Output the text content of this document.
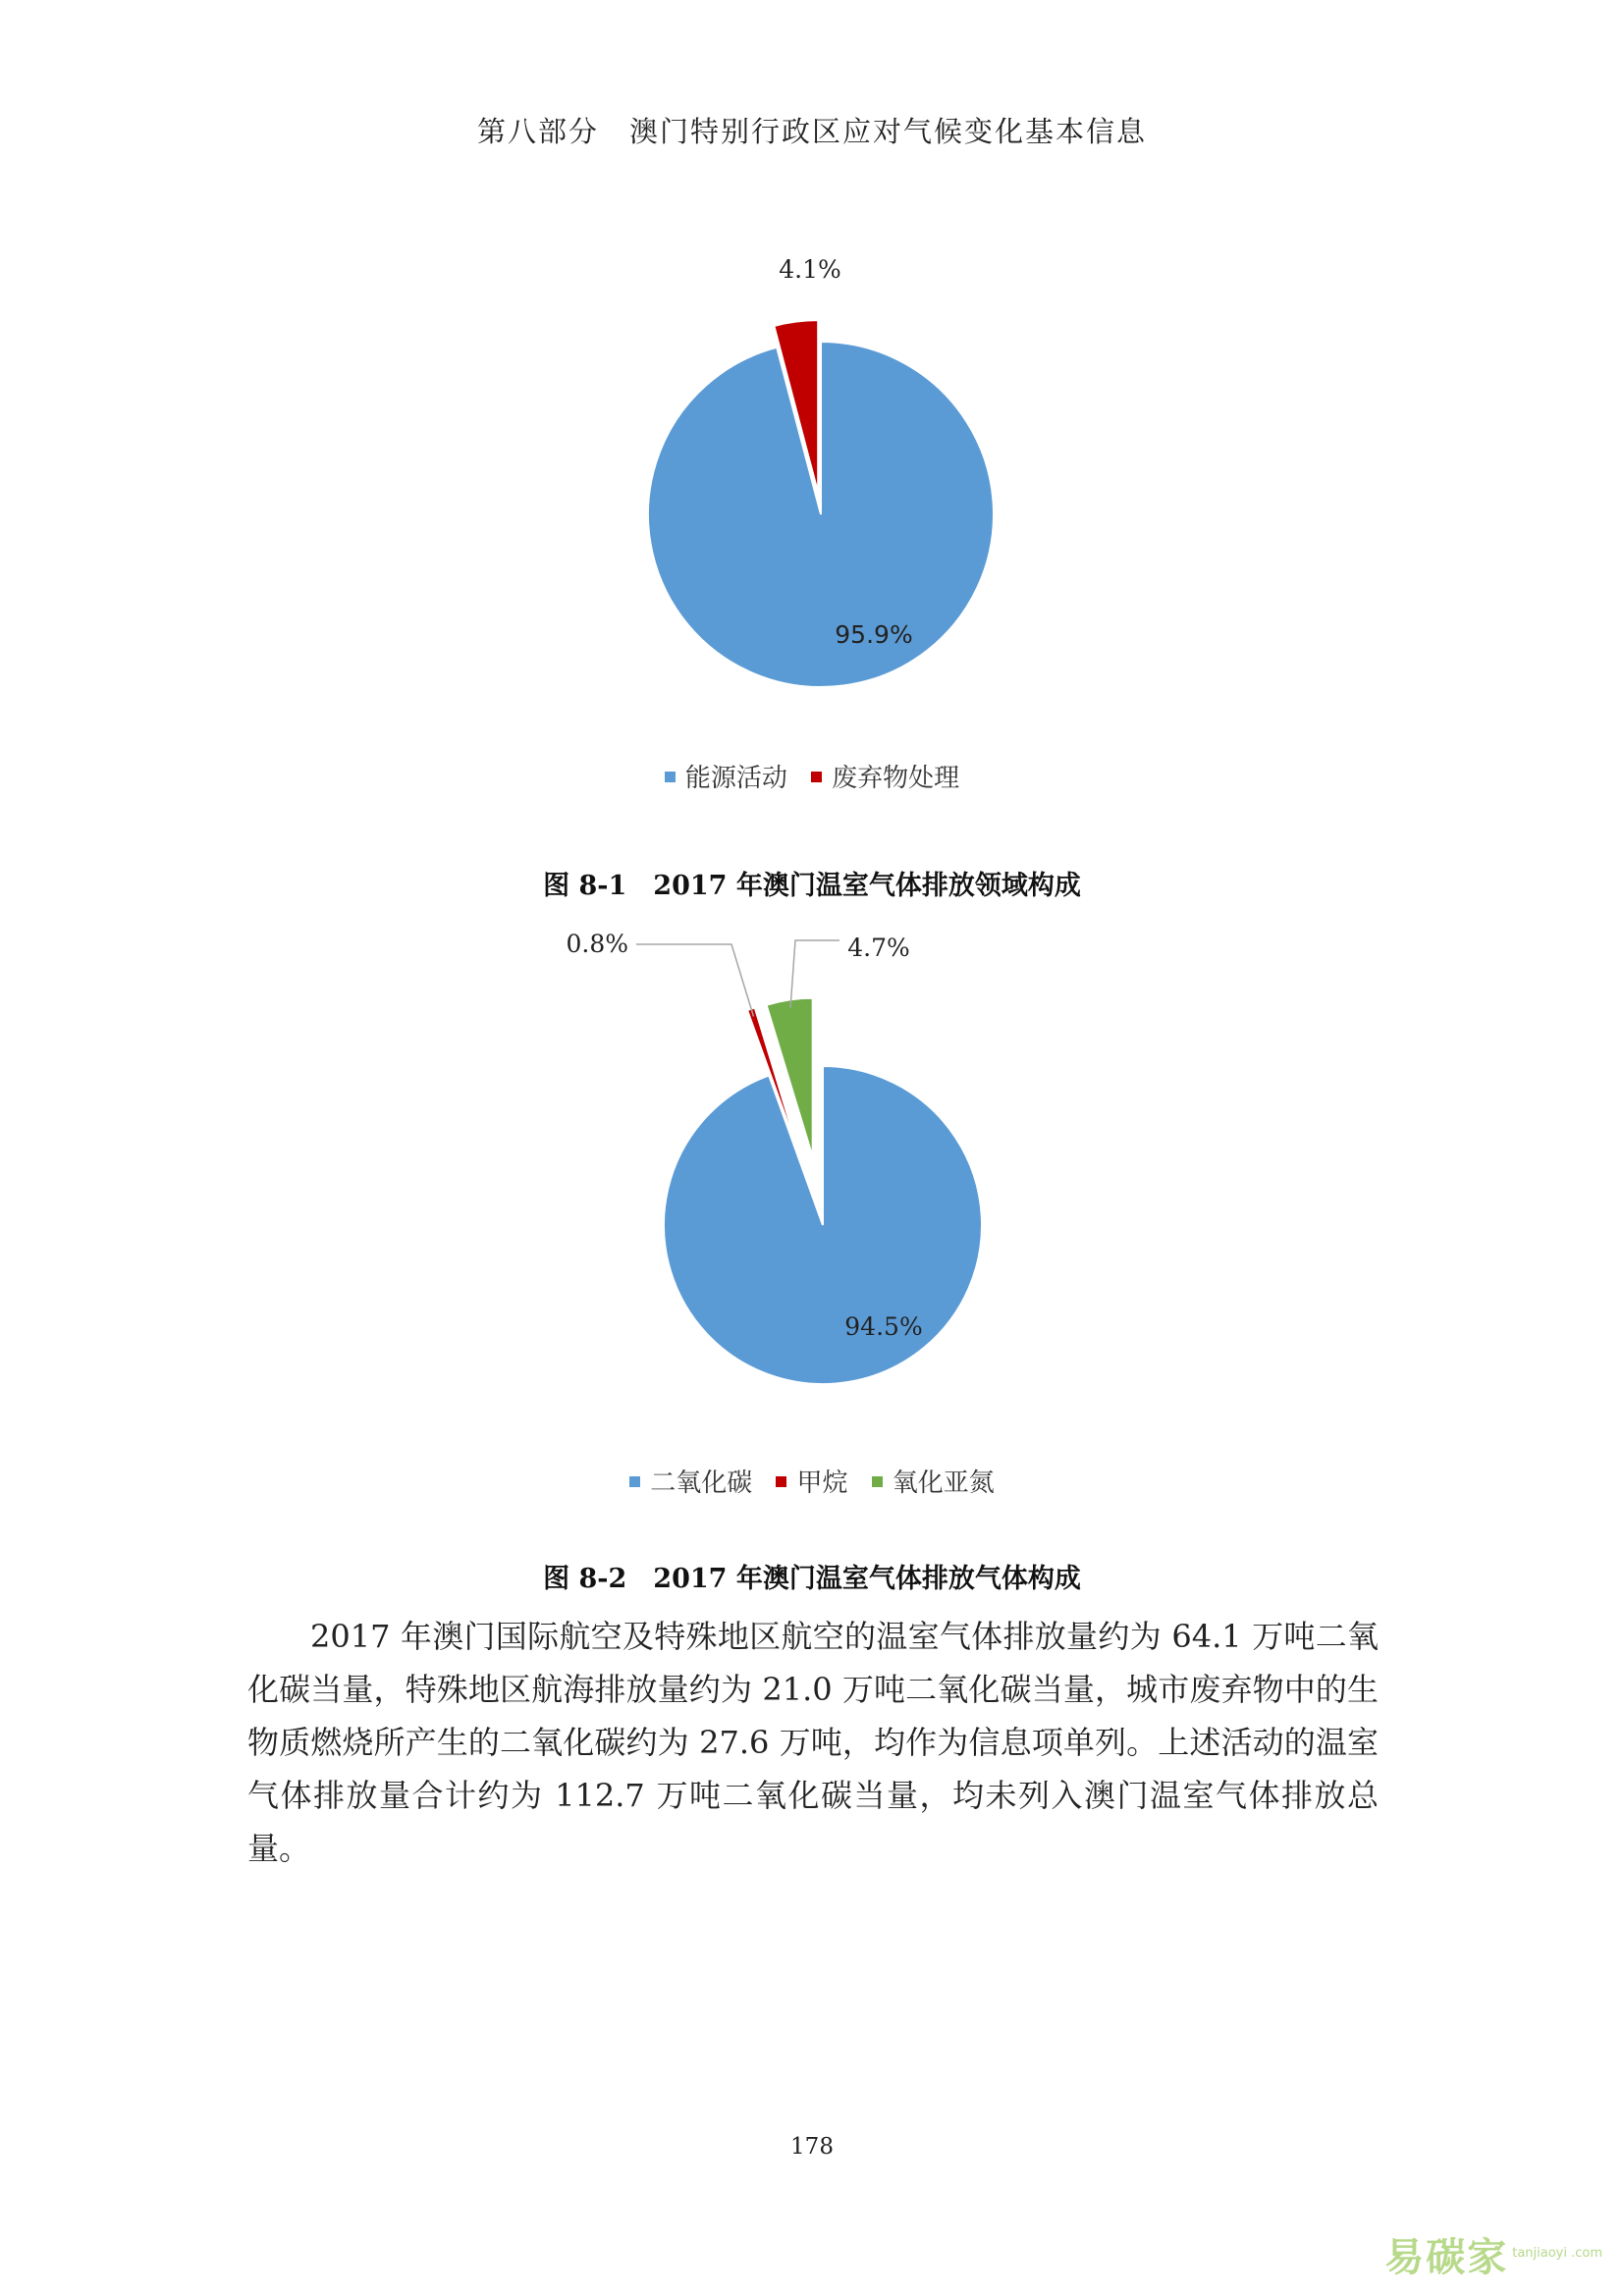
第八部分　澳门特别行政区应对气候变化基本信息
95.9%
4.1%
能源活动 废弃物处理
图 8-1　2017 年澳门温室气体排放领域构成
94.5%
0.8%	4.7%
二氧化碳 甲烷 氧化亚氮
图 8-2　2017 年澳门温室气体排放气体构成

2017 年澳门国际航空及特殊地区航空的温室气体排放量约为 64.1 万吨二氧化碳当量，特殊地区航海排放量约为 21.0 万吨二氧化碳当量，城市废弃物中的生物质燃烧所产生的二氧化碳约为 27.6 万吨，均作为信息项单列。上述活动的温室气体排放量合计约为 112.7 万吨二氧化碳当量，均未列入澳门温室气体排放总量。

178
易碳家 $^{tanjiaoyi .com}$
